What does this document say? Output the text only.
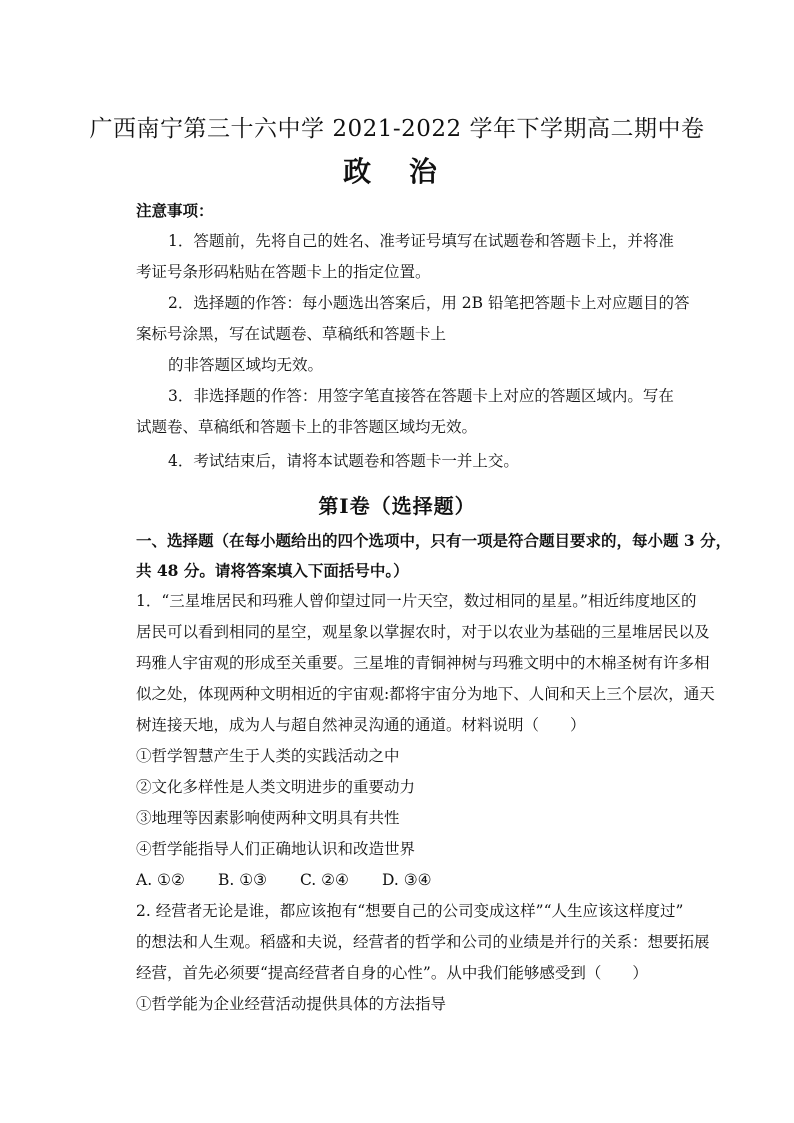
广西南宁第三十六中学 2021-2022 学年下学期高二期中卷
政 治
注意事项：
1．答题前，先将自己的姓名、准考证号填写在试题卷和答题卡上，并将准
考证号条形码粘贴在答题卡上的指定位置。
2．选择题的作答：每小题选出答案后，用 2B 铅笔把答题卡上对应题目的答
案标号涂黑，写在试题卷、草稿纸和答题卡上
的非答题区域均无效。
3．非选择题的作答：用签字笔直接答在答题卡上对应的答题区域内。写在
试题卷、草稿纸和答题卡上的非答题区域均无效。
4．考试结束后，请将本试题卷和答题卡一并上交。
第Ⅰ卷（选择题）
一、选择题（在每小题给出的四个选项中，只有一项是符合题目要求的，每小题 3 分，
共 48 分。请将答案填入下面括号中。）
1．“三星堆居民和玛雅人曾仰望过同一片天空，数过相同的星星。”相近纬度地区的
居民可以看到相同的星空，观星象以掌握农时，对于以农业为基础的三星堆居民以及
玛雅人宇宙观的形成至关重要。三星堆的青铜神树与玛雅文明中的木棉圣树有许多相
似之处，体现两种文明相近的宇宙观:都将宇宙分为地下、人间和天上三个层次，通天
树连接天地，成为人与超自然神灵沟通的通道。材料说明（　　）
①哲学智慧产生于人类的实践活动之中
②文化多样性是人类文明进步的重要动力
③地理等因素影响使两种文明具有共性
④哲学能指导人们正确地认识和改造世界
A. ①② B. ①③ C. ②④ D. ③④
2. 经营者无论是谁，都应该抱有“想要自己的公司变成这样”“人生应该这样度过”
的想法和人生观。稻盛和夫说，经营者的哲学和公司的业绩是并行的关系：想要拓展
经营，首先必须要“提高经营者自身的心性”。从中我们能够感受到（　　）
①哲学能为企业经营活动提供具体的方法指导
